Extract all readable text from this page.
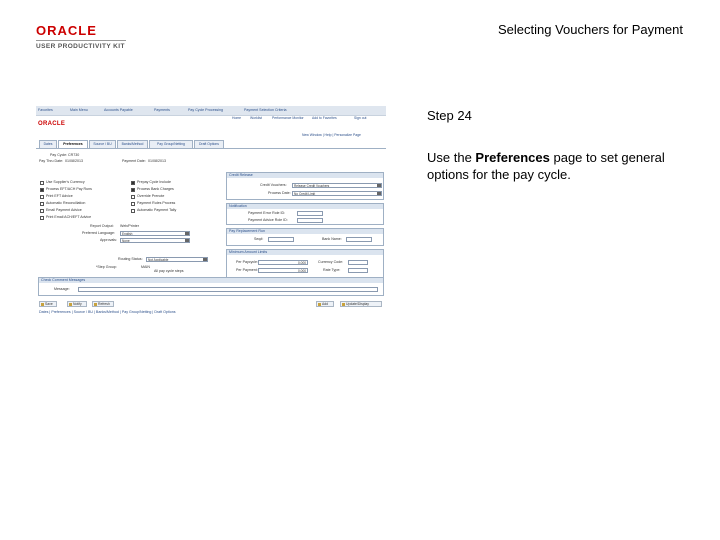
ORACLE
USER PRODUCTIVITY KIT
Selecting Vouchers for Payment
Favorites	Main Menu	Accounts Payable	Payments	Pay Cycle Processing	Payment Selection Criteria
ORACLE
Home	Worklist	Performance Monitor Add to Favorites	Sign out
New Window | Help | Personalize Page
Dates	Preferences	Source / BU	Banks/Method	Pay Group/Netting	Draft Options
Pay Cycle: CR730
Pay Thru Date: 01/08/2013	Payment Date: 01/08/2013
Use Supplier's Currency
Process EFT/ACH Pay Runs
Print EFT Advice
Automatic Reconciliation
Email Payment Advice
Print Email ACH/EFT Advice
Prepay Cycle Include
Process Bank Charges
Override Prenote
Payment Rules Process
Automatic Payment Tally
Report Output: Web/Printer
Preferred Language:	English
Approvals:	None
Routing Status:	Not Applicable
*Step Group:	MAIN
All pay cycle steps
Credit Release
Credit Vouchers:	Release Credit Vouchers
Process Date:	No Credit Limit
Notification
Payment Error Role ID:
Payment Advice Role ID:
Pay Replacement Run
Seq#:	Bank Name:
Minimum Amount Limits
Per Paycycle:	0.000	Currency Code:
Per Payment:	0.000	Rate Type:
Check Comment Messages
Message:
Save	Notify	Refresh	Add	Update/Display
Dates | Preferences | Source / BU | Banks/Method | Pay Group/Netting | Draft Options
Step 24
Use the Preferences page to set general options for the pay cycle.
